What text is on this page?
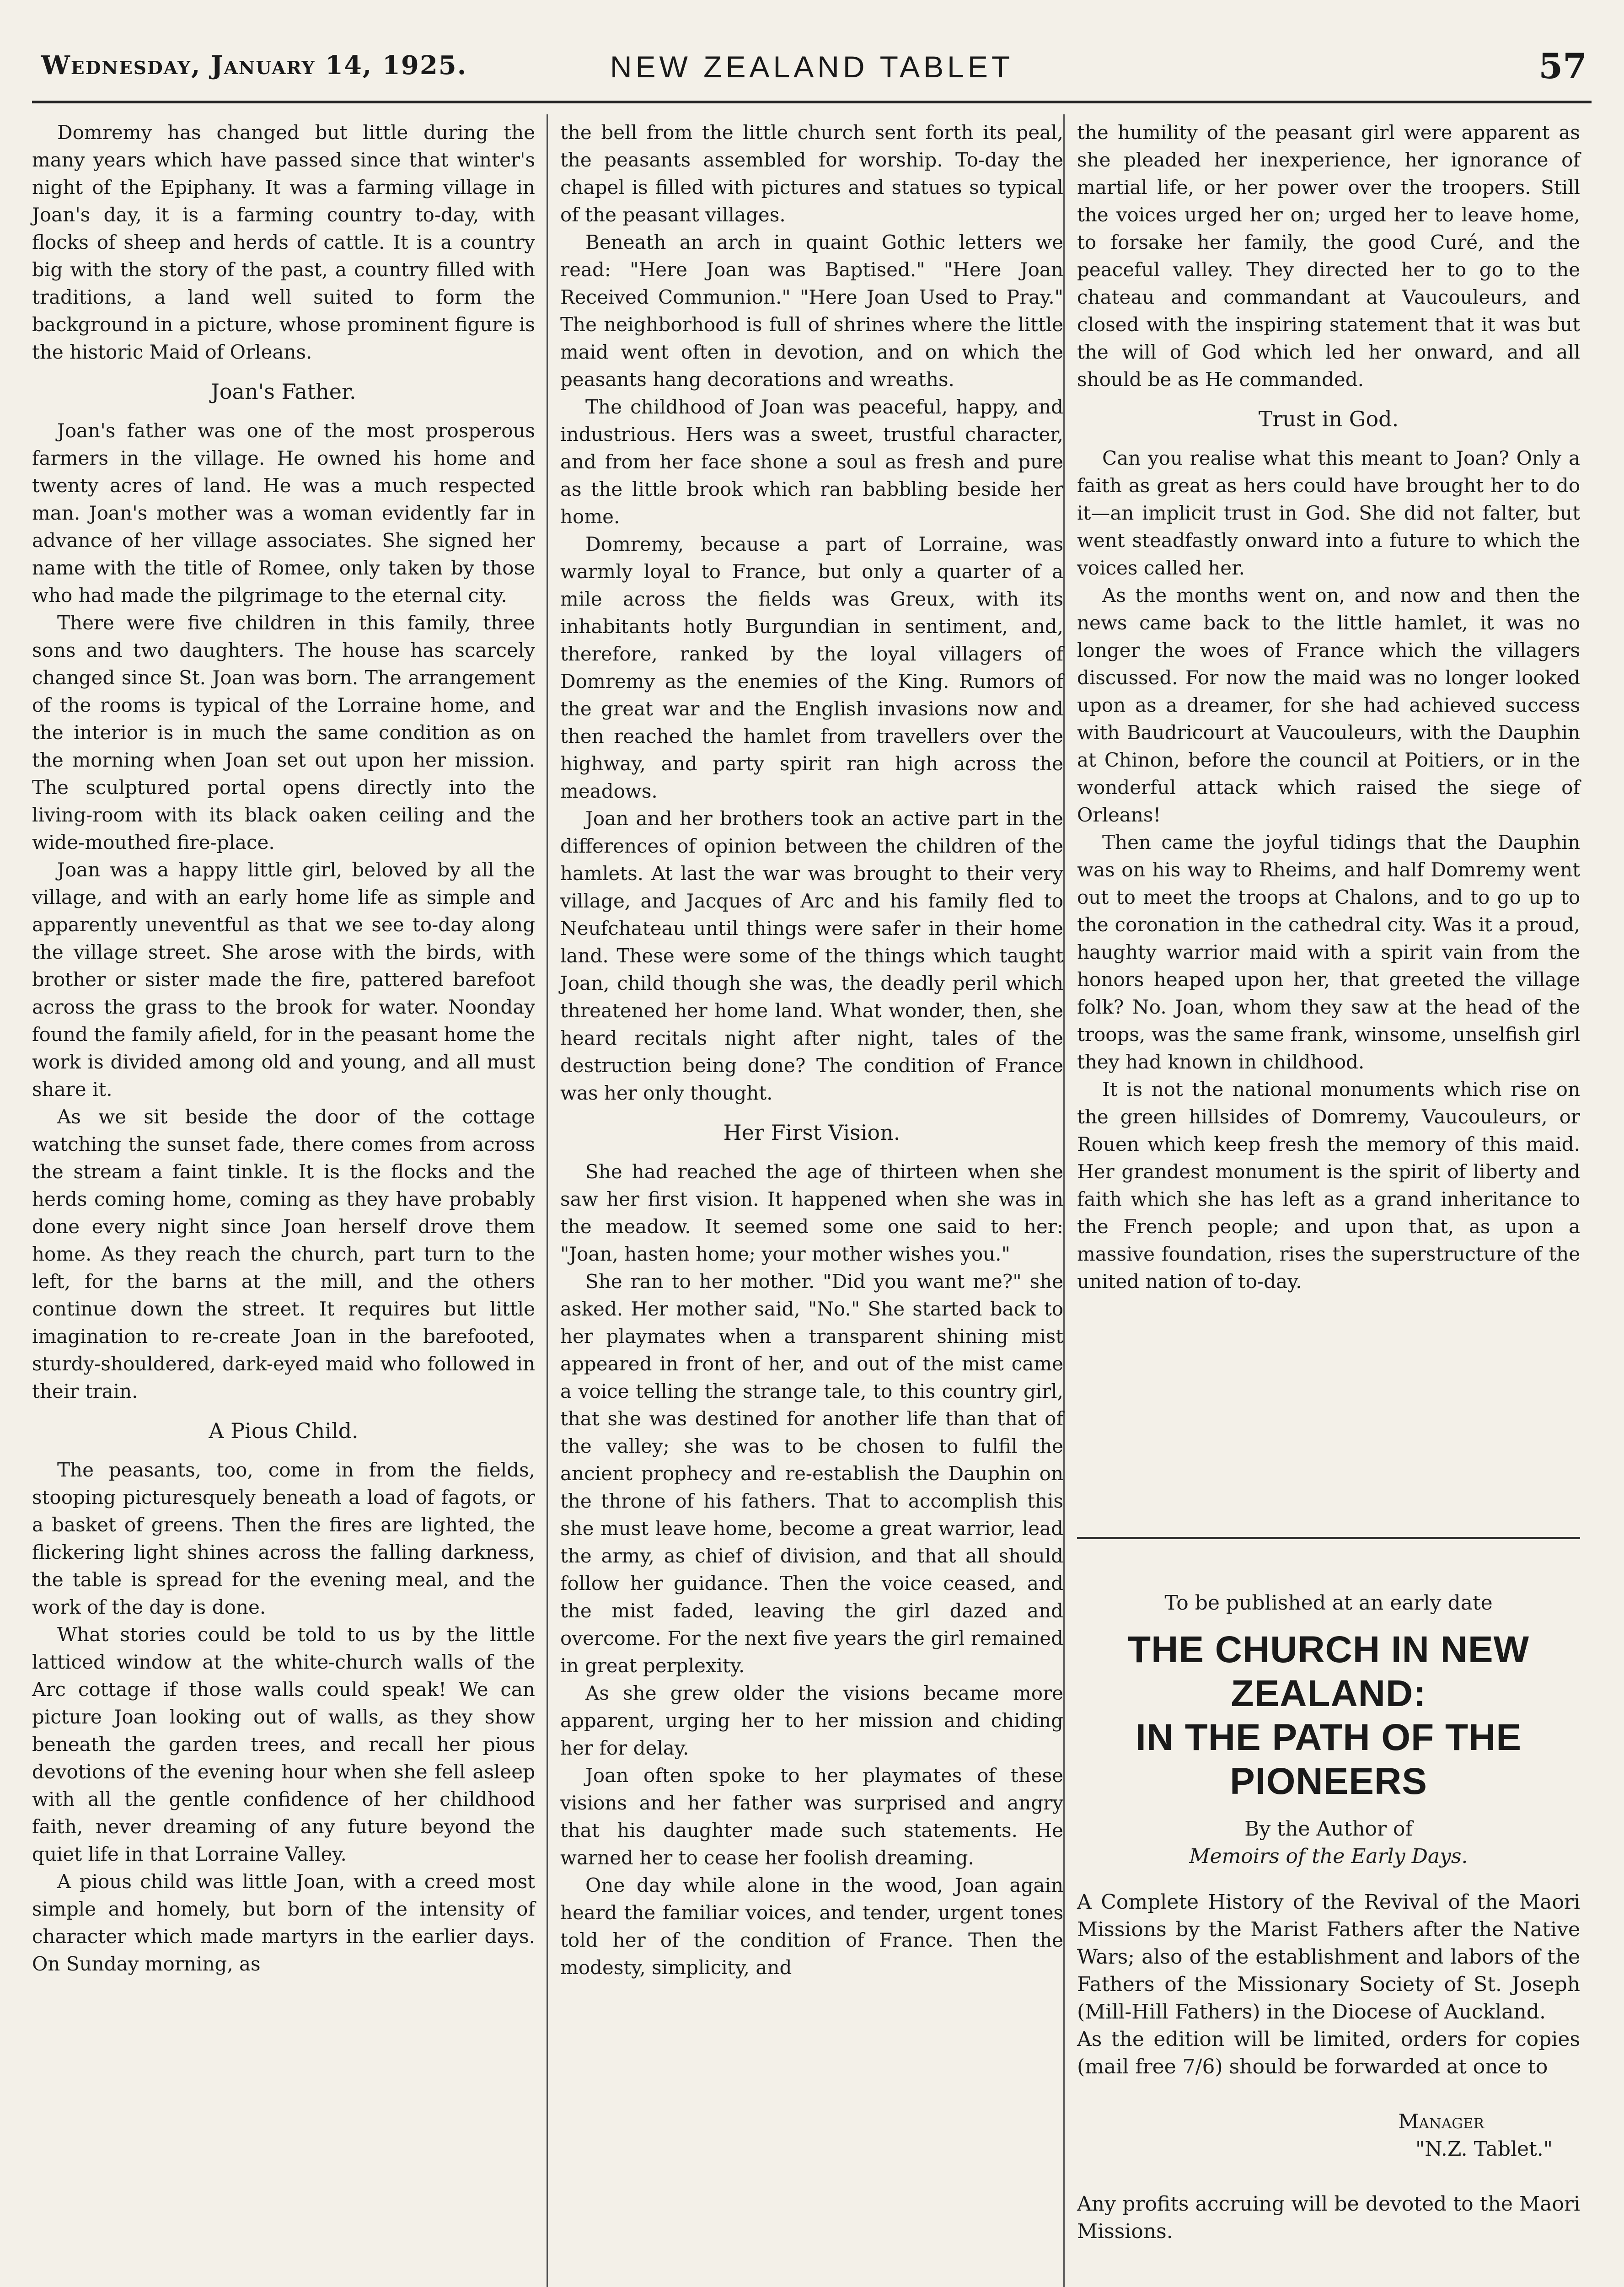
Wednesday, January 14, 1925.	NEW ZEALAND TABLET	57

Domremy has changed but little during the many years which have passed since that winter's night of the Epiphany. It was a farming village in Joan's day, it is a farming country to-day, with flocks of sheep and herds of cattle. It is a country big with the story of the past, a country filled with traditions, a land well suited to form the background in a picture, whose prominent figure is the historic Maid of Orleans.

Joan's Father.

Joan's father was one of the most prosperous farmers in the village. He owned his home and twenty acres of land. He was a much respected man. Joan's mother was a woman evidently far in advance of her village associates. She signed her name with the title of Romee, only taken by those who had made the pilgrimage to the eternal city.

There were five children in this family, three sons and two daughters. The house has scarcely changed since St. Joan was born. The arrangement of the rooms is typical of the Lorraine home, and the interior is in much the same condition as on the morning when Joan set out upon her mission. The sculptured portal opens directly into the living-room with its black oaken ceiling and the wide-mouthed fire-place.

Joan was a happy little girl, beloved by all the village, and with an early home life as simple and apparently uneventful as that we see to-day along the village street. She arose with the birds, with brother or sister made the fire, pattered barefoot across the grass to the brook for water. Noonday found the family afield, for in the peasant home the work is divided among old and young, and all must share it.

As we sit beside the door of the cottage watching the sunset fade, there comes from across the stream a faint tinkle. It is the flocks and the herds coming home, coming as they have probably done every night since Joan herself drove them home. As they reach the church, part turn to the left, for the barns at the mill, and the others continue down the street. It requires but little imagination to re-create Joan in the barefooted, sturdy-shouldered, dark-eyed maid who followed in their train.

A Pious Child.

The peasants, too, come in from the fields, stooping picturesquely beneath a load of fagots, or a basket of greens. Then the fires are lighted, the flickering light shines across the falling darkness, the table is spread for the evening meal, and the work of the day is done.

What stories could be told to us by the little latticed window at the white-church walls of the Arc cottage if those walls could speak! We can picture Joan looking out of walls, as they show beneath the garden trees, and recall her pious devotions of the evening hour when she fell asleep with all the gentle confidence of her childhood faith, never dreaming of any future beyond the quiet life in that Lorraine Valley.

A pious child was little Joan, with a creed most simple and homely, but born of the intensity of character which made martyrs in the earlier days. On Sunday morning, as

the bell from the little church sent forth its peal, the peasants assembled for worship. To-day the chapel is filled with pictures and statues so typical of the peasant villages.

Beneath an arch in quaint Gothic letters we read: "Here Joan was Baptised." "Here Joan Received Communion." "Here Joan Used to Pray." The neighborhood is full of shrines where the little maid went often in devotion, and on which the peasants hang decorations and wreaths.

The childhood of Joan was peaceful, happy, and industrious. Hers was a sweet, trustful character, and from her face shone a soul as fresh and pure as the little brook which ran babbling beside her home.

Domremy, because a part of Lorraine, was warmly loyal to France, but only a quarter of a mile across the fields was Greux, with its inhabitants hotly Burgundian in sentiment, and, therefore, ranked by the loyal villagers of Domremy as the enemies of the King. Rumors of the great war and the English invasions now and then reached the hamlet from travellers over the highway, and party spirit ran high across the meadows.

Joan and her brothers took an active part in the differences of opinion between the children of the hamlets. At last the war was brought to their very village, and Jacques of Arc and his family fled to Neufchateau until things were safer in their home land. These were some of the things which taught Joan, child though she was, the deadly peril which threatened her home land. What wonder, then, she heard recitals night after night, tales of the destruction being done? The condition of France was her only thought.

Her First Vision.

She had reached the age of thirteen when she saw her first vision. It happened when she was in the meadow. It seemed some one said to her: "Joan, hasten home; your mother wishes you."

She ran to her mother. "Did you want me?" she asked. Her mother said, "No." She started back to her playmates when a transparent shining mist appeared in front of her, and out of the mist came a voice telling the strange tale, to this country girl, that she was destined for another life than that of the valley; she was to be chosen to fulfil the ancient prophecy and re-establish the Dauphin on the throne of his fathers. That to accomplish this she must leave home, become a great warrior, lead the army, as chief of division, and that all should follow her guidance. Then the voice ceased, and the mist faded, leaving the girl dazed and overcome. For the next five years the girl remained in great perplexity.

As she grew older the visions became more apparent, urging her to her mission and chiding her for delay.

Joan often spoke to her playmates of these visions and her father was surprised and angry that his daughter made such statements. He warned her to cease her foolish dreaming.

One day while alone in the wood, Joan again heard the familiar voices, and tender, urgent tones told her of the condition of France. Then the modesty, simplicity, and

the humility of the peasant girl were apparent as she pleaded her inexperience, her ignorance of martial life, or her power over the troopers. Still the voices urged her on; urged her to leave home, to forsake her family, the good Curé, and the peaceful valley. They directed her to go to the chateau and commandant at Vaucouleurs, and closed with the inspiring statement that it was but the will of God which led her onward, and all should be as He commanded.

Trust in God.

Can you realise what this meant to Joan? Only a faith as great as hers could have brought her to do it—an implicit trust in God. She did not falter, but went steadfastly onward into a future to which the voices called her.

As the months went on, and now and then the news came back to the little hamlet, it was no longer the woes of France which the villagers discussed. For now the maid was no longer looked upon as a dreamer, for she had achieved success with Baudricourt at Vaucouleurs, with the Dauphin at Chinon, before the council at Poitiers, or in the wonderful attack which raised the siege of Orleans!

Then came the joyful tidings that the Dauphin was on his way to Rheims, and half Domremy went out to meet the troops at Chalons, and to go up to the coronation in the cathedral city. Was it a proud, haughty warrior maid with a spirit vain from the honors heaped upon her, that greeted the village folk? No. Joan, whom they saw at the head of the troops, was the same frank, winsome, unselfish girl they had known in childhood.

It is not the national monuments which rise on the green hillsides of Domremy, Vaucouleurs, or Rouen which keep fresh the memory of this maid. Her grandest monument is the spirit of liberty and faith which she has left as a grand inheritance to the French people; and upon that, as upon a massive foundation, rises the superstructure of the united nation of to-day.

To be published at an early date
THE CHURCH IN NEW ZEALAND:
IN THE PATH OF THE PIONEERS
By the Author of
Memoirs of the Early Days.
A Complete History of the Revival of the Maori Missions by the Marist Fathers after the Native Wars; also of the establishment and labors of the Fathers of the Missionary Society of St. Joseph (Mill-Hill Fathers) in the Diocese of Auckland.
As the edition will be limited, orders for copies (mail free 7/6) should be forwarded at once to
Manager
"N.Z. Tablet."
Any profits accruing will be devoted to the Maori Missions.
